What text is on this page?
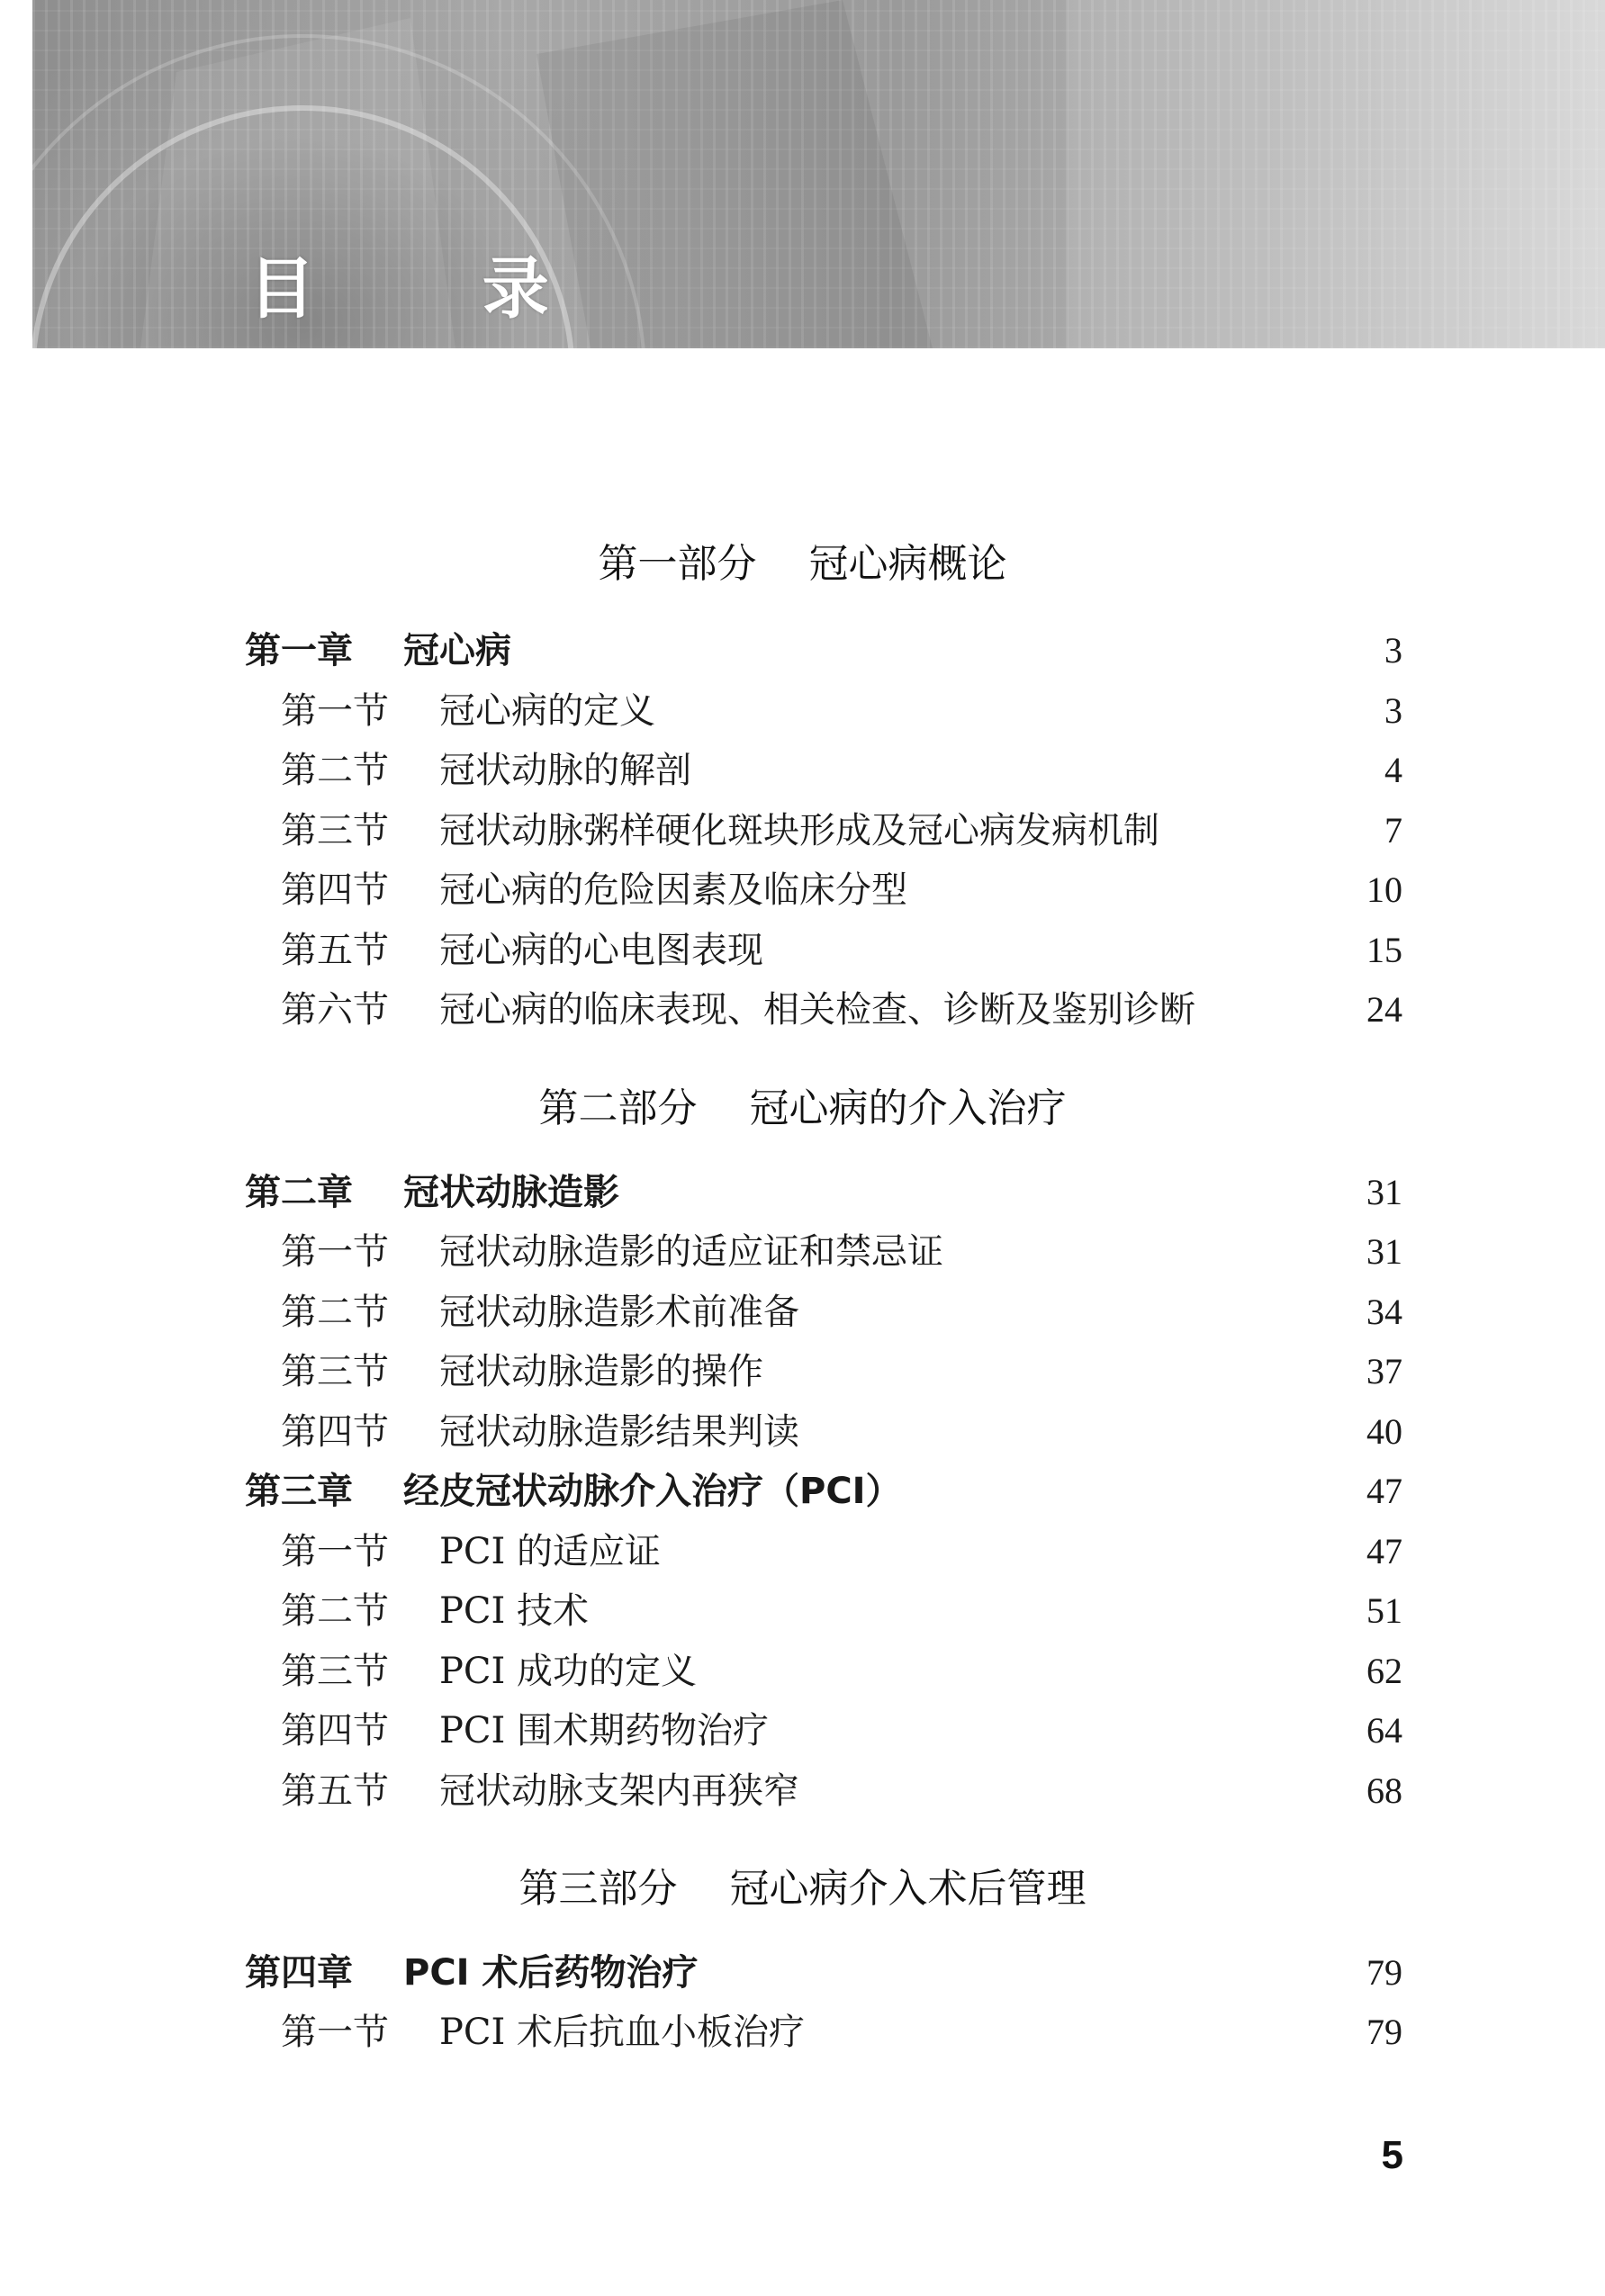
目 录
第一部分　 冠心病概论
第一章 冠心病	3
第一节 冠心病的定义	3
第二节 冠状动脉的解剖	4
第三节 冠状动脉粥样硬化斑块形成及冠心病发病机制	7
第四节 冠心病的危险因素及临床分型	10
第五节 冠心病的心电图表现	15
第六节 冠心病的临床表现、相关检查、诊断及鉴别诊断	24
第二部分　 冠心病的介入治疗
第二章 冠状动脉造影	31
第一节 冠状动脉造影的适应证和禁忌证	31
第二节 冠状动脉造影术前准备	34
第三节 冠状动脉造影的操作	37
第四节 冠状动脉造影结果判读	40
第三章 经皮冠状动脉介入治疗（PCI）	47
第一节 PCI 的适应证	47
第二节 PCI 技术	51
第三节 PCI 成功的定义	62
第四节 PCI 围术期药物治疗	64
第五节 冠状动脉支架内再狭窄	68
第三部分　 冠心病介入术后管理
第四章 PCI 术后药物治疗	79
第一节 PCI 术后抗血小板治疗	79
5
